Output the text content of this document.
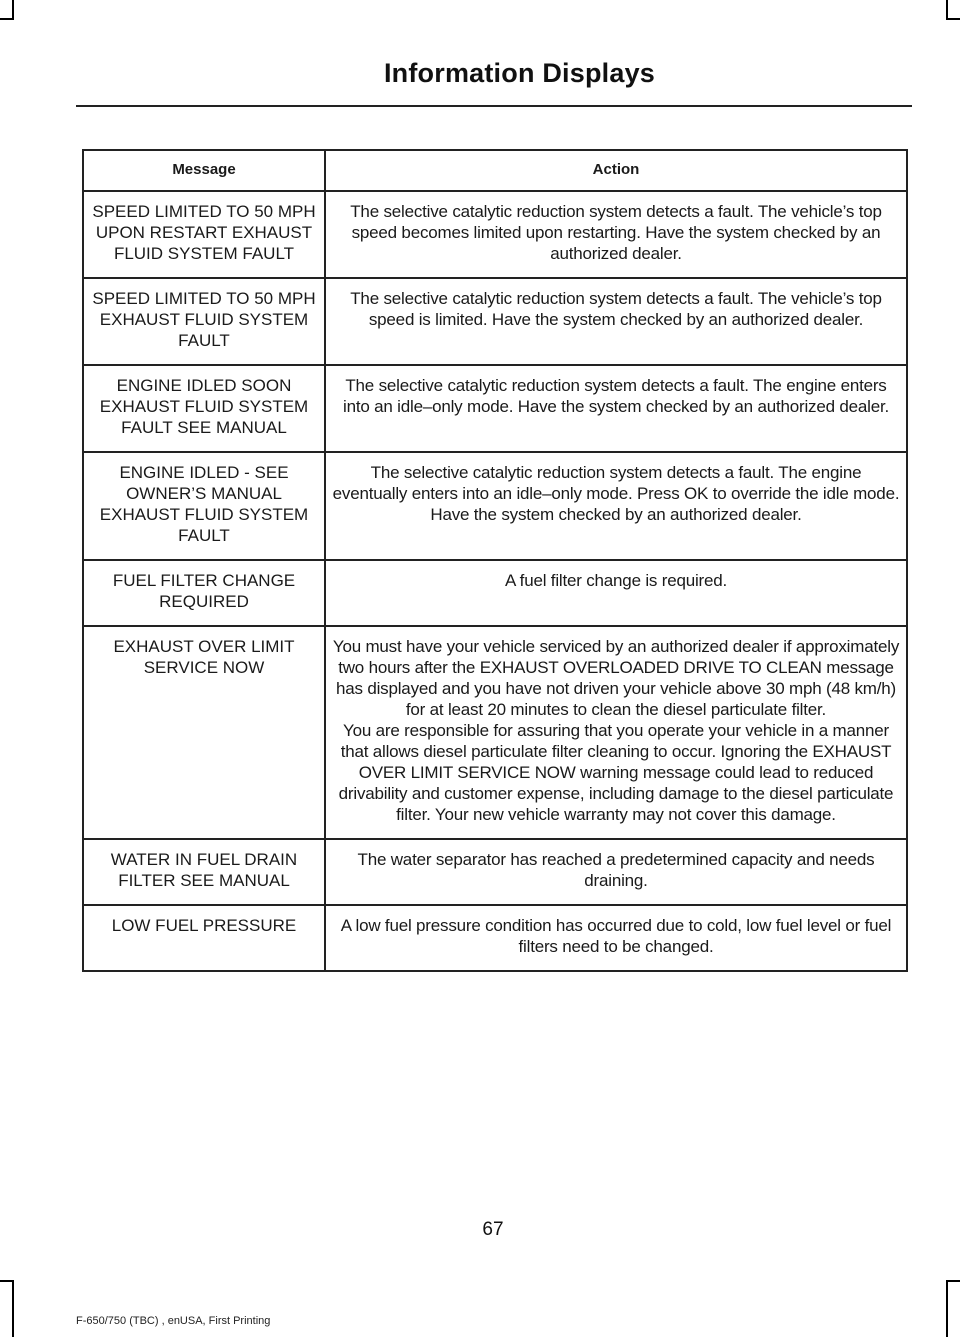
Information Displays
Message	Action
SPEED LIMITED TO 50 MPH UPON RESTART EXHAUST FLUID SYSTEM FAULT	The selective catalytic reduction system detects a fault. The vehicle’s top speed becomes limited upon restarting. Have the system checked by an authorized dealer.

SPEED LIMITED TO 50 MPH EXHAUST FLUID SYSTEM FAULT	The selective catalytic reduction system detects a fault. The vehicle’s top speed is limited. Have the system checked by an authorized dealer.

ENGINE IDLED SOON EXHAUST FLUID SYSTEM FAULT SEE MANUAL	The selective catalytic reduction system detects a fault. The engine enters into an idle–only mode. Have the system checked by an authorized dealer.

ENGINE IDLED - SEE OWNER’S MANUAL EXHAUST FLUID SYSTEM FAULT	The selective catalytic reduction system detects a fault. The engine eventually enters into an idle–only mode. Press OK to override the idle mode. Have the system checked by an authorized dealer.

FUEL FILTER CHANGE REQUIRED	A fuel filter change is required.

EXHAUST OVER LIMIT SERVICE NOW	You must have your vehicle serviced by an authorized dealer if approximately two hours after the EXHAUST OVERLOADED DRIVE TO CLEAN message has displayed and you have not driven your vehicle above 30 mph (48 km/h) for at least 20 minutes to clean the diesel particulate filter.

You are responsible for assuring that you operate your vehicle in a manner that allows diesel particulate filter cleaning to occur. Ignoring the EXHAUST OVER LIMIT SERVICE NOW warning message could lead to reduced drivability and customer expense, including damage to the diesel particulate filter. Your new vehicle warranty may not cover this damage.

WATER IN FUEL DRAIN FILTER SEE MANUAL	The water separator has reached a predetermined capacity and needs draining.

LOW FUEL PRESSURE	A low fuel pressure condition has occurred due to cold, low fuel level or fuel filters need to be changed.

67
F-650/750 (TBC) , enUSA, First Printing
